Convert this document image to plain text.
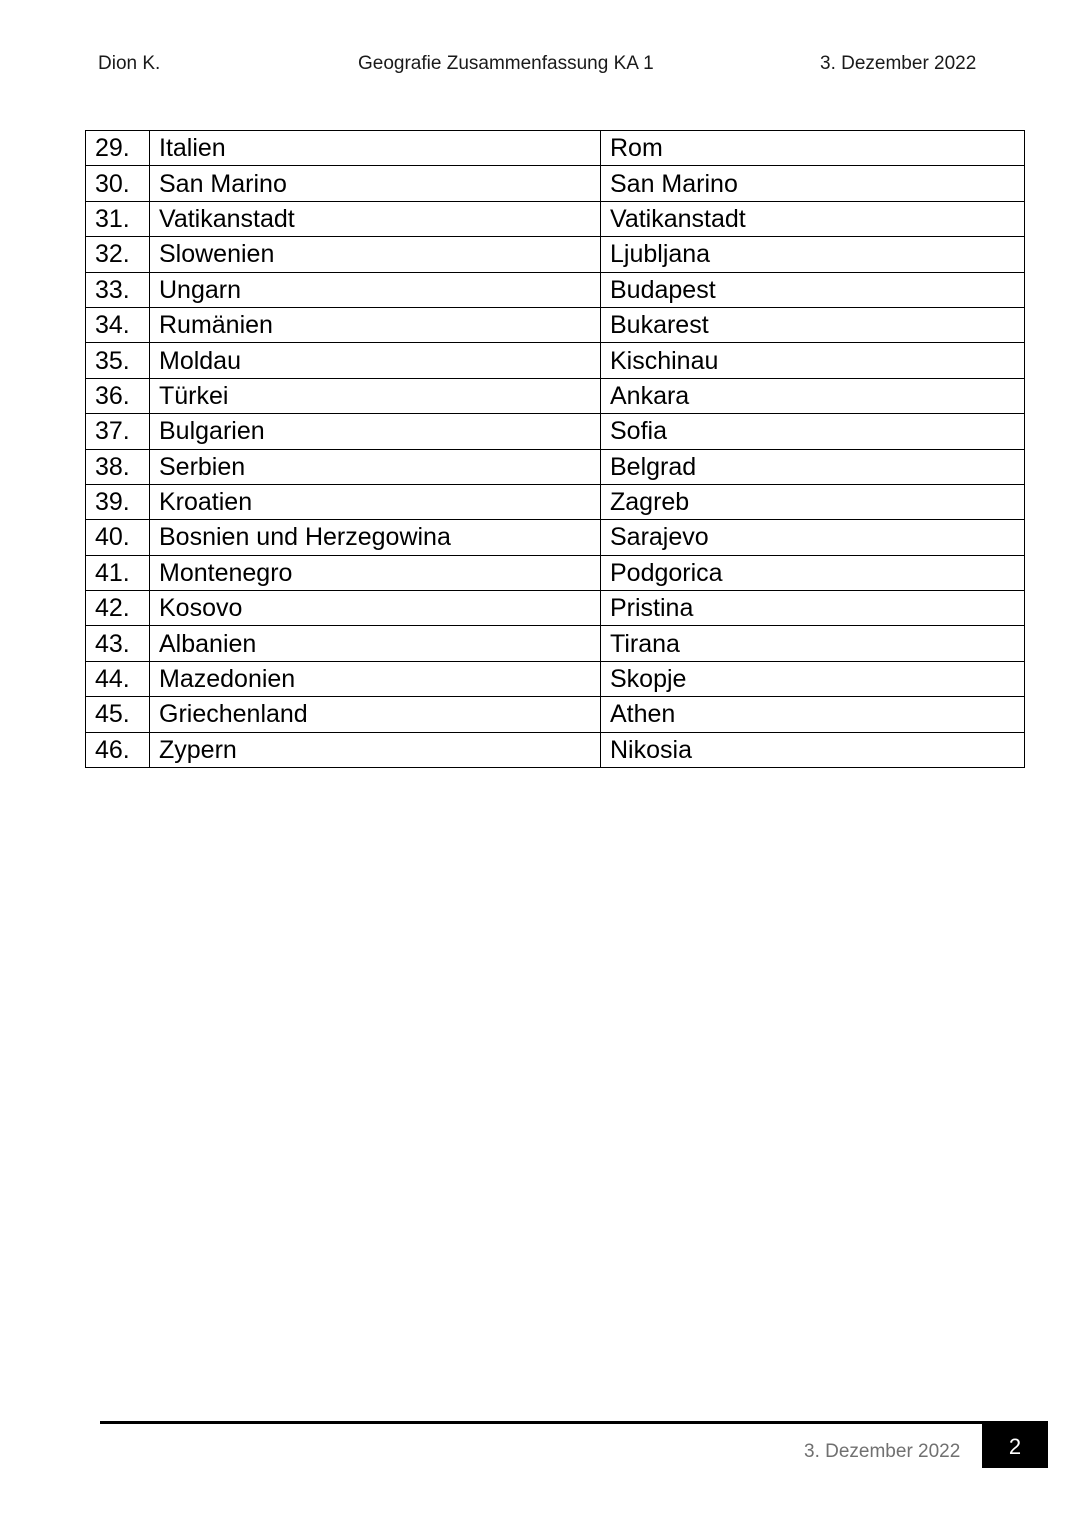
Dion K.	Geografie Zusammenfassung KA 1	3. Dezember 2022
29.	Italien	Rom
30.	San Marino	San Marino
31.	Vatikanstadt	Vatikanstadt
32.	Slowenien	Ljubljana
33.	Ungarn	Budapest
34.	Rumänien	Bukarest
35.	Moldau	Kischinau
36.	Türkei	Ankara
37.	Bulgarien	Sofia
38.	Serbien	Belgrad
39.	Kroatien	Zagreb
40.	Bosnien und Herzegowina	Sarajevo
41.	Montenegro	Podgorica
42.	Kosovo	Pristina
43.	Albanien	Tirana
44.	Mazedonien	Skopje
45.	Griechenland	Athen
46.	Zypern	Nikosia
3. Dezember 2022	2
